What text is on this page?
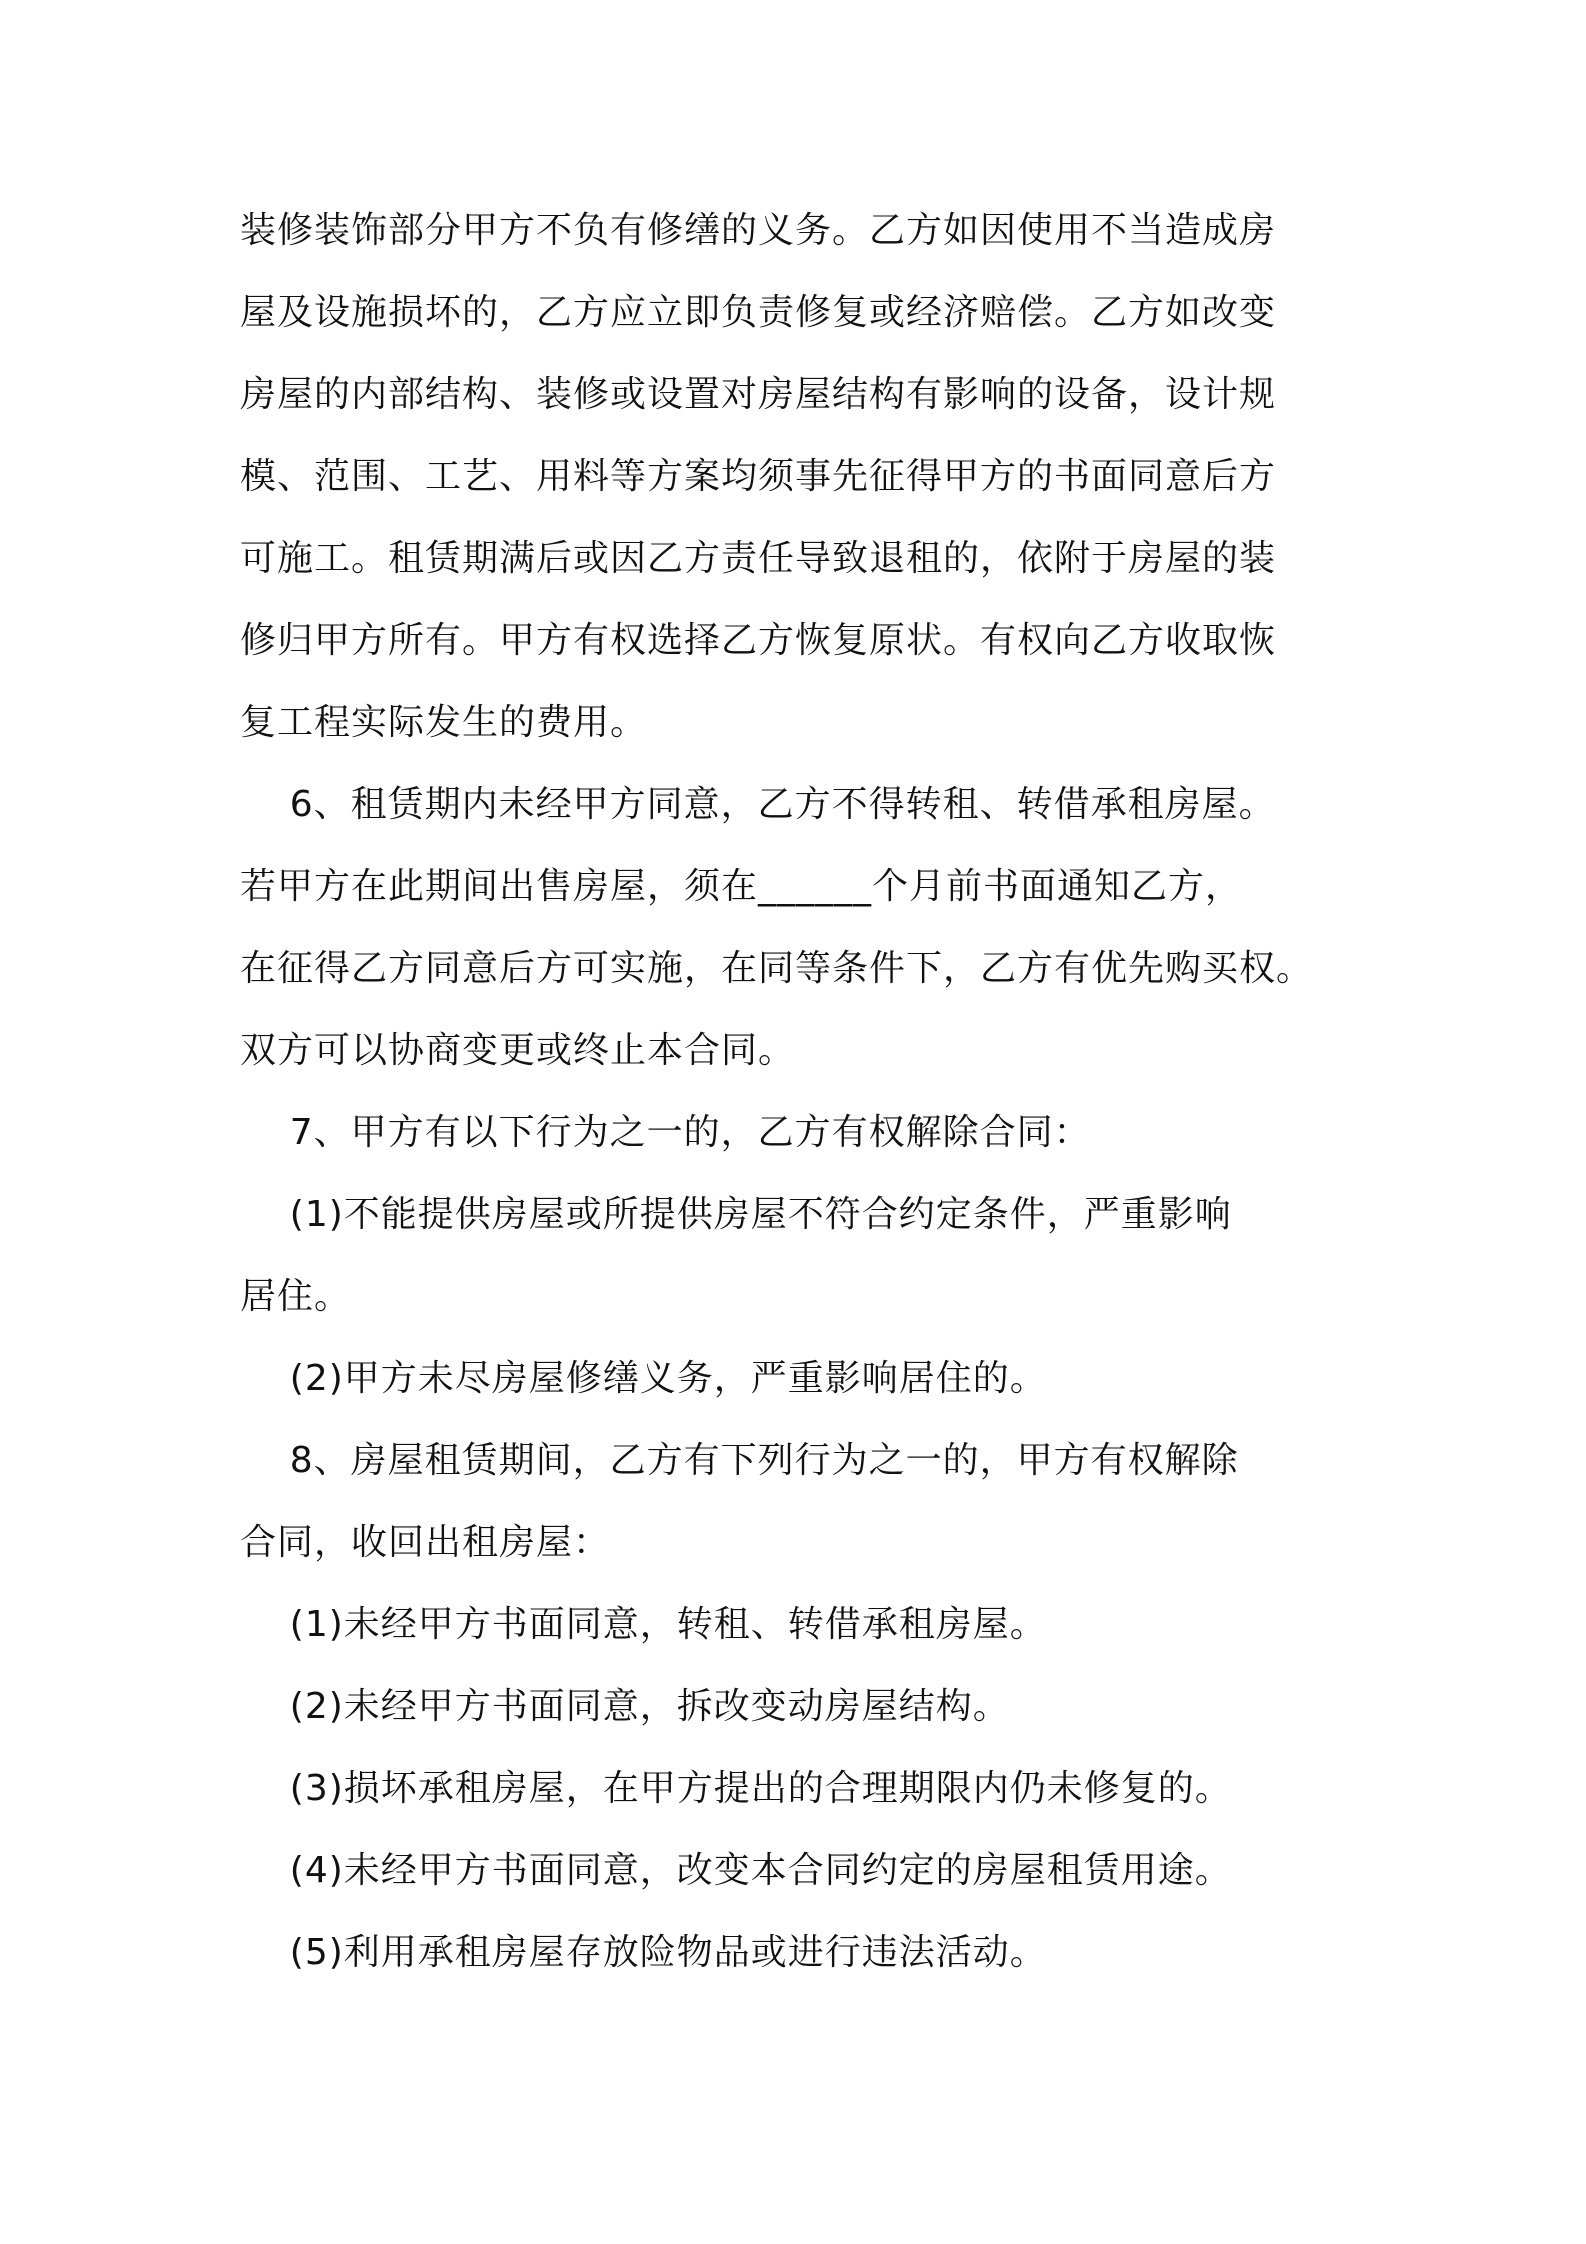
装修装饰部分甲方不负有修缮的义务。乙方如因使用不当造成房
屋及设施损坏的，乙方应立即负责修复或经济赔偿。乙方如改变
房屋的内部结构、装修或设置对房屋结构有影响的设备，设计规
模、范围、工艺、用料等方案均须事先征得甲方的书面同意后方
可施工。租赁期满后或因乙方责任导致退租的，依附于房屋的装
修归甲方所有。甲方有权选择乙方恢复原状。有权向乙方收取恢
复工程实际发生的费用。
6、租赁期内未经甲方同意，乙方不得转租、转借承租房屋。
若甲方在此期间出售房屋，须在______个月前书面通知乙方，
在征得乙方同意后方可实施，在同等条件下，乙方有优先购买权。
双方可以协商变更或终止本合同。
7、甲方有以下行为之一的，乙方有权解除合同：
(1)不能提供房屋或所提供房屋不符合约定条件，严重影响
居住。
(2)甲方未尽房屋修缮义务，严重影响居住的。
8、房屋租赁期间，乙方有下列行为之一的，甲方有权解除
合同，收回出租房屋：
(1)未经甲方书面同意，转租、转借承租房屋。
(2)未经甲方书面同意，拆改变动房屋结构。
(3)损坏承租房屋，在甲方提出的合理期限内仍未修复的。
(4)未经甲方书面同意，改变本合同约定的房屋租赁用途。
(5)利用承租房屋存放险物品或进行违法活动。
